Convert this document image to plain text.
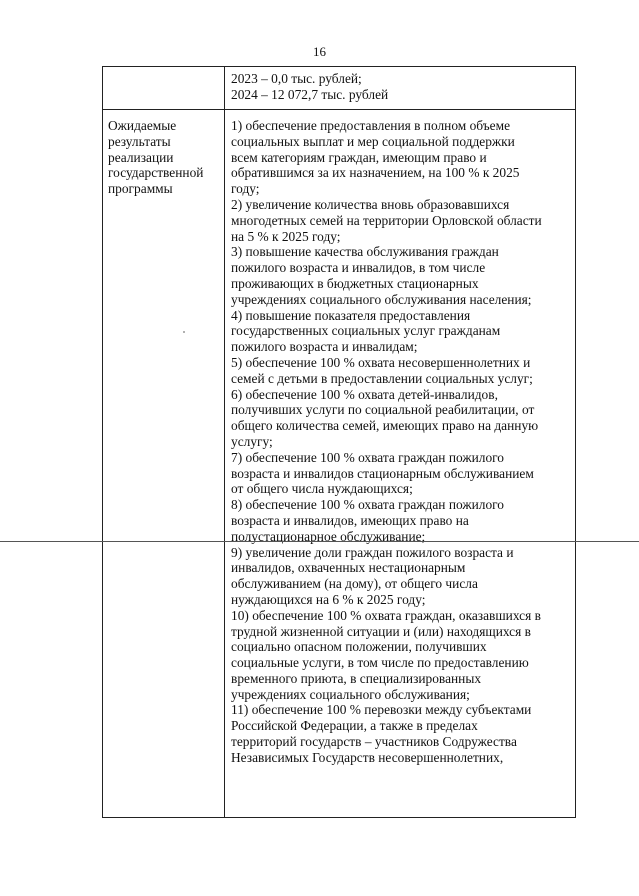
16
2023 – 0,0 тыс. рублей;
2024 – 12 072,7 тыс. рублей
Ожидаемые
результаты
реализации
государственной
программы
1) обеспечение предоставления в полном объеме
социальных выплат и мер социальной поддержки
всем категориям граждан, имеющим право и
обратившимся за их назначением, на 100 % к 2025
году;
2) увеличение количества вновь образовавшихся
многодетных семей на территории Орловской области
на 5 % к 2025 году;
3) повышение качества обслуживания граждан
пожилого возраста и инвалидов, в том числе
проживающих в бюджетных стационарных
учреждениях социального обслуживания населения;
4) повышение показателя предоставления
государственных социальных услуг гражданам
пожилого возраста и инвалидам;
5) обеспечение 100 % охвата несовершеннолетних и
семей с детьми в предоставлении социальных услуг;
6) обеспечение 100 % охвата детей-инвалидов,
получивших услуги по социальной реабилитации, от
общего количества семей, имеющих право на данную
услугу;
7) обеспечение 100 % охвата граждан пожилого
возраста и инвалидов стационарным обслуживанием
от общего числа нуждающихся;
8) обеспечение 100 % охвата граждан пожилого
возраста и инвалидов, имеющих право на
полустационарное обслуживание;
9) увеличение доли граждан пожилого возраста и
инвалидов, охваченных нестационарным
обслуживанием (на дому), от общего числа
нуждающихся на 6 % к 2025 году;
10) обеспечение 100 % охвата граждан, оказавшихся в
трудной жизненной ситуации и (или) находящихся в
социально опасном положении, получивших
социальные услуги, в том числе по предоставлению
временного приюта, в специализированных
учреждениях социального обслуживания;
11) обеспечение 100 % перевозки между субъектами
Российской Федерации, а также в пределах
территорий государств – участников Содружества
Независимых Государств несовершеннолетних,
